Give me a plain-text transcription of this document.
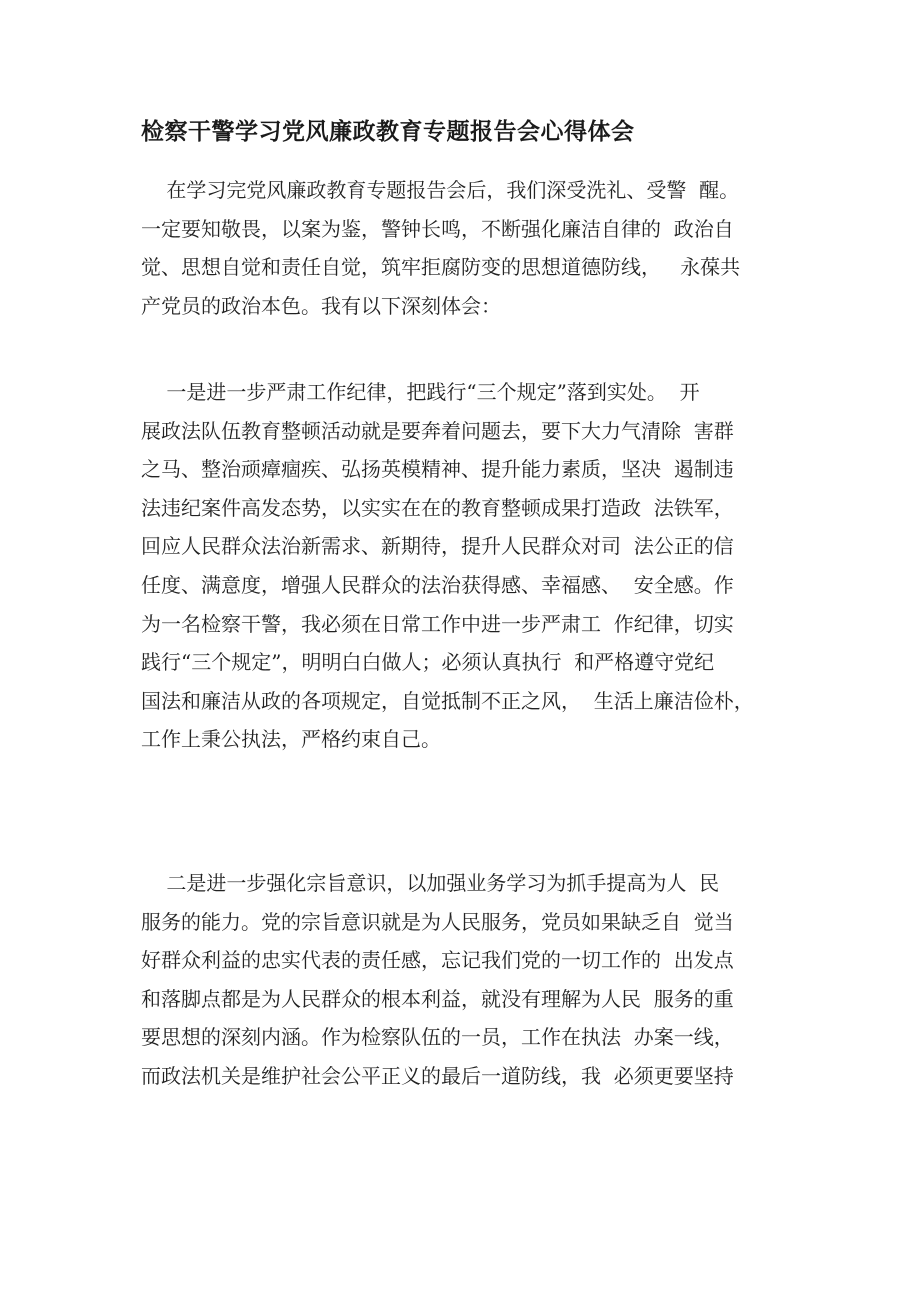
检察干警学习党风廉政教育专题报告会心得体会
在学习完党风廉政教育专题报告会后，我们深受洗礼、受警  醒。
一定要知敬畏，以案为鉴，警钟长鸣，不断强化廉洁自律的  政治自
觉、思想自觉和责任自觉，筑牢拒腐防变的思想道德防线，   永葆共
产党员的政治本色。我有以下深刻体会：
一是进一步严肃工作纪律，把践行“三个规定”落到实处。  开
展政法队伍教育整顿活动就是要奔着问题去，要下大力气清除  害群
之马、整治顽瘴痼疾、弘扬英模精神、提升能力素质，坚决  遏制违
法违纪案件高发态势，以实实在在的教育整顿成果打造政  法铁军，
回应人民群众法治新需求、新期待，提升人民群众对司  法公正的信
任度、满意度，增强人民群众的法治获得感、幸福感、  安全感。作
为一名检察干警，我必须在日常工作中进一步严肃工  作纪律，切实
践行“三个规定”，明明白白做人；必须认真执行  和严格遵守党纪
国法和廉洁从政的各项规定，自觉抵制不正之风，  生活上廉洁俭朴，
工作上秉公执法，严格约束自己。
二是进一步强化宗旨意识，以加强业务学习为抓手提高为人  民
服务的能力。党的宗旨意识就是为人民服务，党员如果缺乏自  觉当
好群众利益的忠实代表的责任感，忘记我们党的一切工作的  出发点
和落脚点都是为人民群众的根本利益，就没有理解为人民  服务的重
要思想的深刻内涵。作为检察队伍的一员，工作在执法  办案一线，
而政法机关是维护社会公平正义的最后一道防线，我  必须更要坚持
